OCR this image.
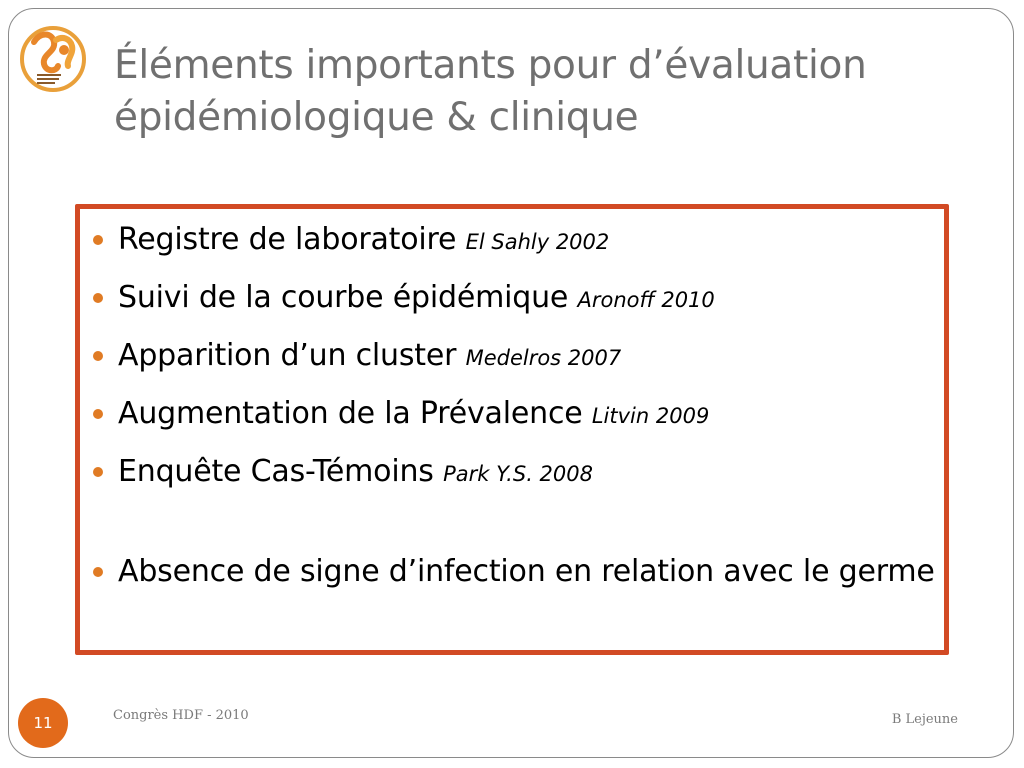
Éléments importants pour d’évaluation
épidémiologique & clinique
Registre de laboratoire El Sahly 2002
Suivi de la courbe épidémique Aronoff 2010
Apparition d’un cluster Medelros 2007
Augmentation de la Prévalence Litvin 2009
Enquête Cas-Témoins Park Y.S. 2008
Absence de signe d’infection en relation avec le germe
11	Congrès HDF - 2010	B Lejeune
